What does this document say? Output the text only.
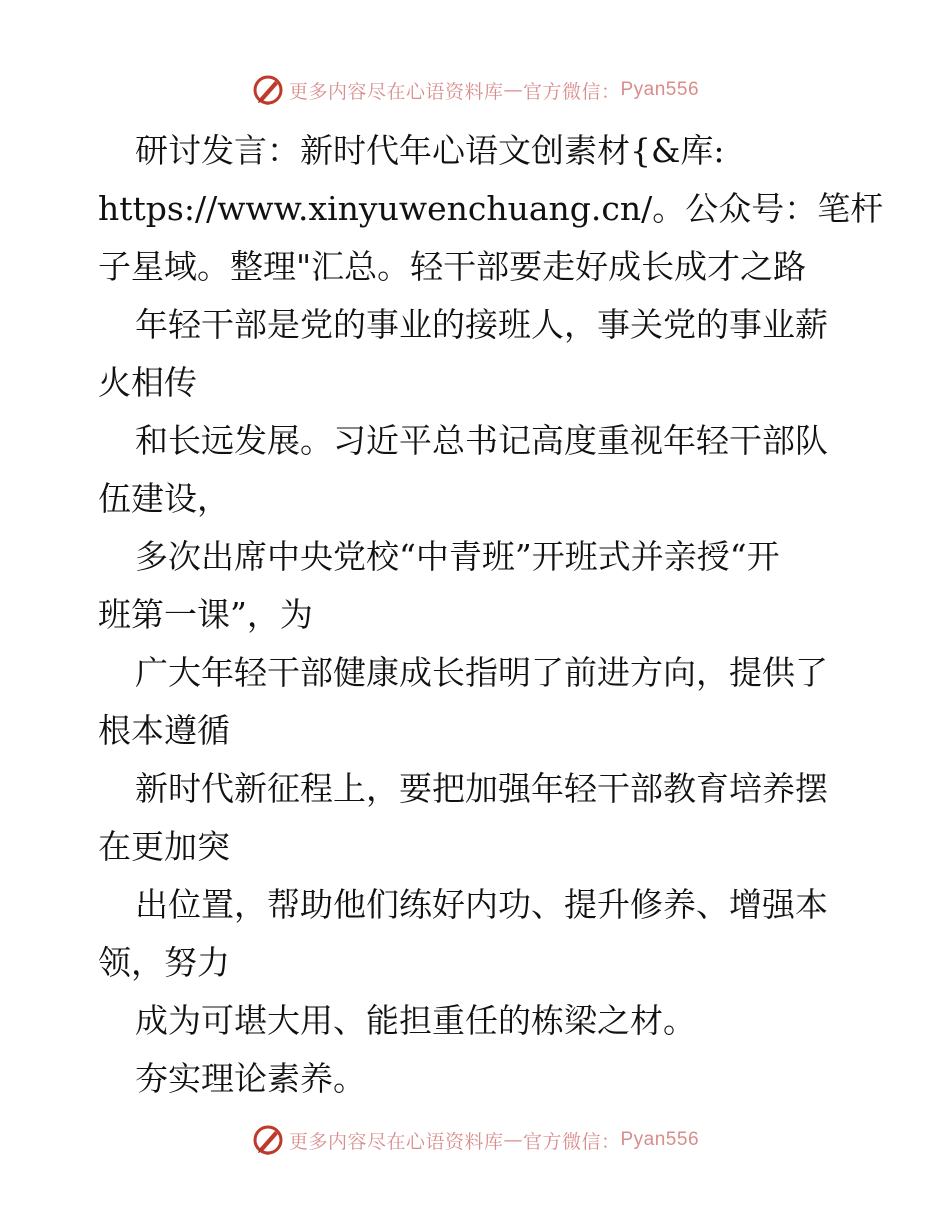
更多内容尽在心语资料库 — 官方微信： Pyan556
研讨发言：新时代年心语文创素材{&库:
https://www.xinyuwenchuang.cn/。公众号：笔杆
子星域。整理"汇总。轻干部要走好成长成才之路
年轻干部是党的事业的接班人，事关党的事业薪
火相传
和长远发展。习近平总书记高度重视年轻干部队
伍建设，
多次出席中央党校“中青班”开班式并亲授“开
班第一课”，为
广大年轻干部健康成长指明了前进方向，提供了
根本遵循
新时代新征程上，要把加强年轻干部教育培养摆
在更加突
出位置，帮助他们练好内功、提升修养、增强本
领，努力
成为可堪大用、能担重任的栋梁之材。
夯实理论素养。
更多内容尽在心语资料库 — 官方微信： Pyan556
